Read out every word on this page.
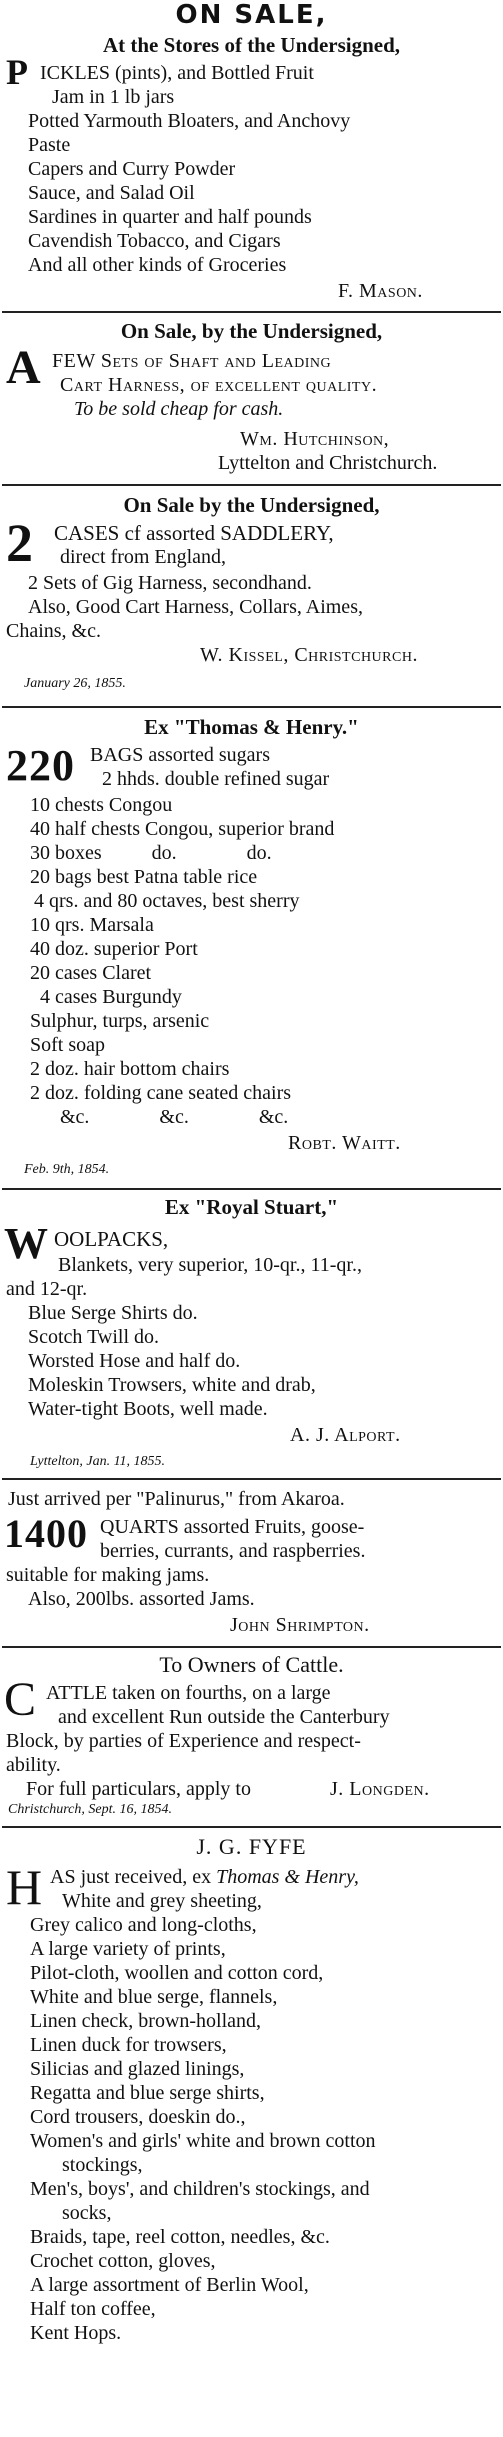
ON SALE,
At the Stores of the Undersigned,
P ICKLES (pints), and Bottled Fruit
Jam in 1 lb jars
Potted Yarmouth Bloaters, and Anchovy
Paste
Capers and Curry Powder
Sauce, and Salad Oil
Sardines in quarter and half pounds
Cavendish Tobacco, and Cigars
And all other kinds of Groceries
F. Mason.
On Sale, by the Undersigned,
A FEW Sets of Shaft and Leading
Cart Harness, of excellent quality.
To be sold cheap for cash.
Wm. Hutchinson,
Lyttelton and Christchurch.
On Sale by the Undersigned,
2 CASES cf assorted SADDLERY,
direct from England,
2 Sets of Gig Harness, secondhand.
Also, Good Cart Harness, Collars, Aimes,
Chains, &c.
W. Kissel, Christchurch.
January 26, 1855.
Ex "Thomas & Henry."
220 BAGS assorted sugars
2 hhds. double refined sugar
10 chests Congou
40 half chests Congou, superior brand
30 boxes          do.              do.
20 bags best Patna table rice
4 qrs. and 80 octaves, best sherry
10 qrs. Marsala
40 doz. superior Port
20 cases Claret
4 cases Burgundy
Sulphur, turps, arsenic
Soft soap
2 doz. hair bottom chairs
2 doz. folding cane seated chairs
&c.              &c.              &c.
Robt. Waitt.
Feb. 9th, 1854.
Ex "Royal Stuart,"
W OOLPACKS,
Blankets, very superior, 10-qr., 11-qr.,
and 12-qr.
Blue Serge Shirts do.
Scotch Twill do.
Worsted Hose and half do.
Moleskin Trowsers, white and drab,
Water-tight Boots, well made.
A. J. Alport.
Lyttelton, Jan. 11, 1855.
Just arrived per "Palinurus," from Akaroa.
1400 QUARTS assorted Fruits, goose-
berries, currants, and raspberries.
suitable for making jams.
Also, 200lbs. assorted Jams.
John Shrimpton.
To Owners of Cattle.
C ATTLE taken on fourths, on a large
and excellent Run outside the Canterbury
Block, by parties of Experience and respect-
ability.
For full particulars, apply to	J. Longden.
Christchurch, Sept. 16, 1854.
J. G. FYFE
H AS just received, ex Thomas & Henry,
White and grey sheeting,
Grey calico and long-cloths,
A large variety of prints,
Pilot-cloth, woollen and cotton cord,
White and blue serge, flannels,
Linen check, brown-holland,
Linen duck for trowsers,
Silicias and glazed linings,
Regatta and blue serge shirts,
Cord trousers, doeskin do.,
Women's and girls' white and brown cotton
stockings,
Men's, boys', and children's stockings, and
socks,
Braids, tape, reel cotton, needles, &c.
Crochet cotton, gloves,
A large assortment of Berlin Wool,
Half ton coffee,
Kent Hops.
